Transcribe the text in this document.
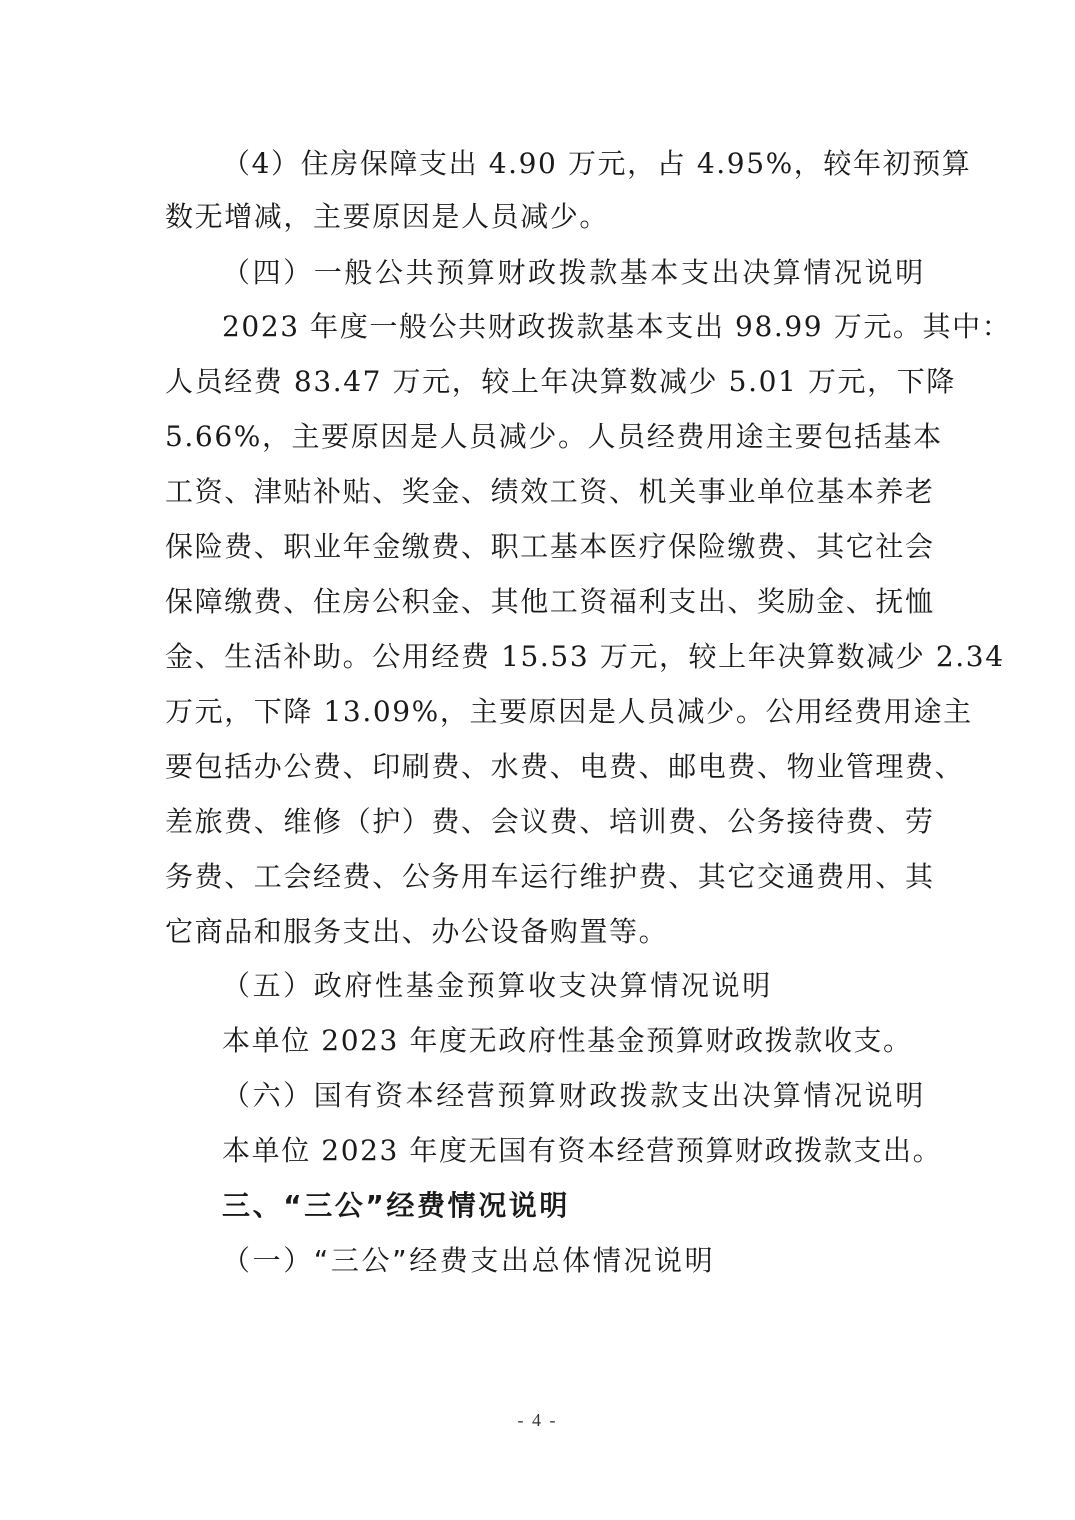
（4）住房保障支出 4.90 万元，占 4.95%，较年初预算
数无增减，主要原因是人员减少。
（四）一般公共预算财政拨款基本支出决算情况说明
2023 年度一般公共财政拨款基本支出 98.99 万元。其中：
人员经费 83.47 万元，较上年决算数减少 5.01 万元，下降
5.66%，主要原因是人员减少。人员经费用途主要包括基本
工资、津贴补贴、奖金、绩效工资、机关事业单位基本养老
保险费、职业年金缴费、职工基本医疗保险缴费、其它社会
保障缴费、住房公积金、其他工资福利支出、奖励金、抚恤
金、生活补助。公用经费 15.53 万元，较上年决算数减少 2.34
万元，下降 13.09%，主要原因是人员减少。公用经费用途主
要包括办公费、印刷费、水费、电费、邮电费、物业管理费、
差旅费、维修（护）费、会议费、培训费、公务接待费、劳
务费、工会经费、公务用车运行维护费、其它交通费用、其
它商品和服务支出、办公设备购置等。
（五）政府性基金预算收支决算情况说明
本单位 2023 年度无政府性基金预算财政拨款收支。
（六）国有资本经营预算财政拨款支出决算情况说明
本单位 2023 年度无国有资本经营预算财政拨款支出。
三、“三公”经费情况说明
（一）“三公”经费支出总体情况说明
- 4 -
